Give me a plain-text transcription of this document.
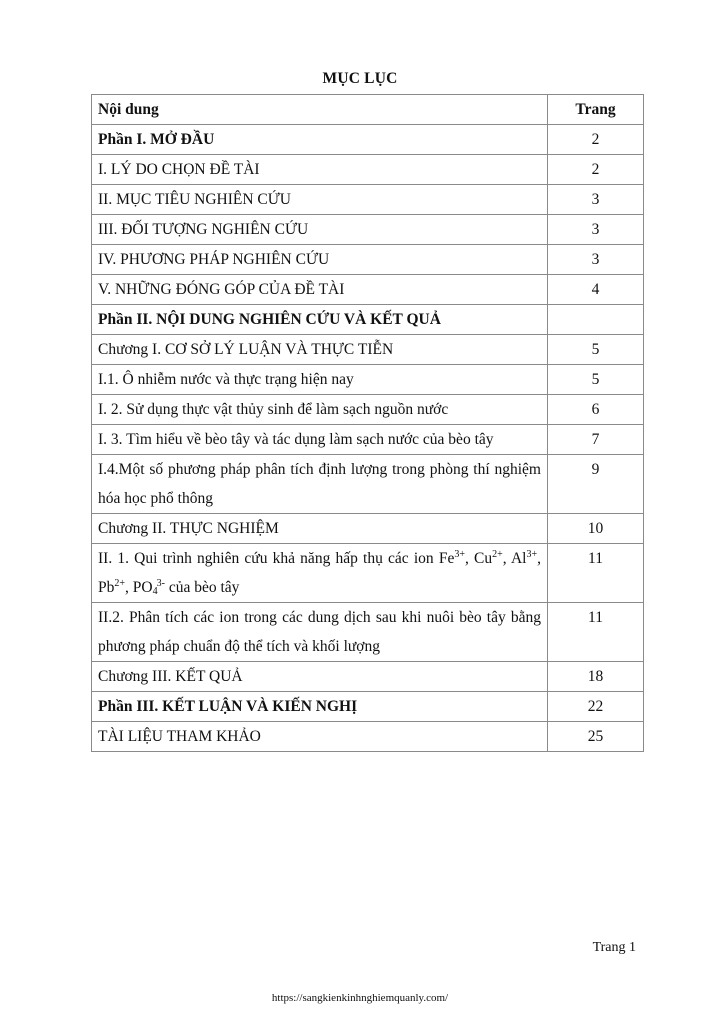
MỤC LỤC
Nội dung	Trang
Phần I. MỞ ĐẦU	2
I. LÝ DO CHỌN ĐỀ TÀI	2
II. MỤC TIÊU NGHIÊN CỨU	3
III. ĐỐI TƯỢNG NGHIÊN CỨU	3
IV. PHƯƠNG PHÁP NGHIÊN CỨU	3
V. NHỮNG ĐÓNG GÓP CỦA ĐỀ TÀI	4
Phần II. NỘI DUNG NGHIÊN CỨU VÀ KẾT QUẢ	
Chương I. CƠ SỞ LÝ LUẬN VÀ THỰC TIỄN	5
I.1. Ô nhiễm nước và thực trạng hiện nay	5
I. 2. Sử dụng thực vật thủy sinh để làm sạch nguồn nước	6
I. 3. Tìm hiểu về bèo tây và tác dụng làm sạch nước của bèo tây	7
I.4.Một số phương pháp phân tích định lượng trong phòng thí nghiệm hóa học phổ thông	9
Chương II. THỰC NGHIỆM	10
II. 1. Qui trình nghiên cứu khả năng hấp thụ các ion $Fe^{3+}$, $Cu^{2+}$, $Al^{3+}$, $Pb^{2+}$, $PO_4^{3-}$ của bèo tây	11
II.2. Phân tích các ion trong các dung dịch sau khi nuôi bèo tây bằng phương pháp chuẩn độ thể tích và khối lượng	11
Chương III. KẾT QUẢ	18
Phần III. KẾT LUẬN VÀ KIẾN NGHỊ	22
TÀI LIỆU THAM KHẢO	25
Trang 1
https://sangkienkinhnghiemquanly.com/
